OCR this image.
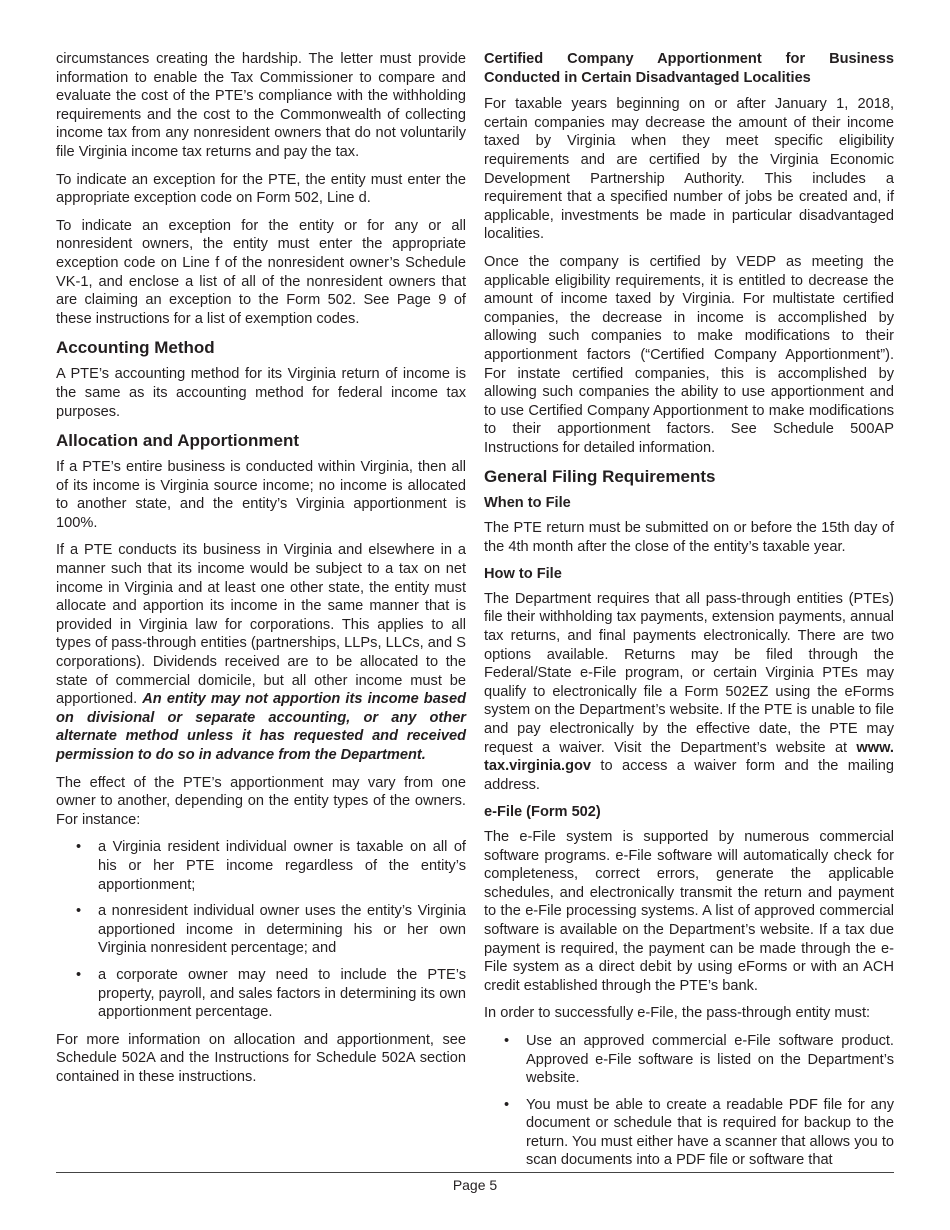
circumstances creating the hardship. The letter must provide information to enable the Tax Commissioner to compare and evaluate the cost of the PTE’s compliance with the withholding requirements and the cost to the Commonwealth of collecting income tax from any nonresident owners that do not voluntarily file Virginia income tax returns and pay the tax.

To indicate an exception for the PTE, the entity must enter the appropriate exception code on Form 502, Line d.

To indicate an exception for the entity or for any or all nonresident owners, the entity must enter the appropriate exception code on Line f of the nonresident owner’s Schedule VK-1, and enclose a list of all of the nonresident owners that are claiming an exception to the Form 502. See Page 9 of these instructions for a list of exemption codes.

Accounting Method

A PTE’s accounting method for its Virginia return of income is the same as its accounting method for federal income tax purposes.

Allocation and Apportionment

If a PTE’s entire business is conducted within Virginia, then all of its income is Virginia source income; no income is allocated to another state, and the entity’s Virginia apportionment is 100%.

If a PTE conducts its business in Virginia and elsewhere in a manner such that its income would be subject to a tax on net income in Virginia and at least one other state, the entity must allocate and apportion its income in the same manner that is provided in Virginia law for corporations. This applies to all types of pass-through entities (partnerships, LLPs, LLCs, and S corporations). Dividends received are to be allocated to the state of commercial domicile, but all other income must be apportioned. An entity may not apportion its income based on divisional or separate accounting, or any other alternate method unless it has requested and received permission to do so in advance from the Department.

The effect of the PTE’s apportionment may vary from one owner to another, depending on the entity types of the owners. For instance:

• a Virginia resident individual owner is taxable on all of his or her PTE income regardless of the entity’s apportionment;
• a nonresident individual owner uses the entity’s Virginia apportioned income in determining his or her own Virginia nonresident percentage; and
• a corporate owner may need to include the PTE’s property, payroll, and sales factors in determining its own apportionment percentage.

For more information on allocation and apportionment, see Schedule 502A and the Instructions for Schedule 502A section contained in these instructions.

Certified Company Apportionment for Business Conducted in Certain Disadvantaged Localities

For taxable years beginning on or after January 1, 2018, certain companies may decrease the amount of their income taxed by Virginia when they meet specific eligibility requirements and are certified by the Virginia Economic Development Partnership Authority. This includes a requirement that a specified number of jobs be created and, if applicable, investments be made in particular disadvantaged localities.

Once the company is certified by VEDP as meeting the applicable eligibility requirements, it is entitled to decrease the amount of income taxed by Virginia. For multistate certified companies, the decrease in income is accomplished by allowing such companies to make modifications to their apportionment factors (“Certified Company Apportionment”). For instate certified companies, this is accomplished by allowing such companies the ability to use apportionment and to use Certified Company Apportionment to make modifications to their apportionment factors. See Schedule 500AP Instructions for detailed information.

General Filing Requirements
When to File

The PTE return must be submitted on or before the 15th day of the 4th month after the close of the entity’s taxable year.

How to File

The Department requires that all pass-through entities (PTEs) file their withholding tax payments, extension payments, annual tax returns, and final payments electronically. There are two options available. Returns may be filed through the Federal/State e-File program, or certain Virginia PTEs may qualify to electronically file a Form 502EZ using the eForms system on the Department’s website. If the PTE is unable to file and pay electronically by the effective date, the PTE may request a waiver. Visit the Department’s website at www. tax.virginia.gov to access a waiver form and the mailing address.

e-File (Form 502)

The e-File system is supported by numerous commercial software programs. e-File software will automatically check for completeness, correct errors, generate the applicable schedules, and electronically transmit the return and payment to the e-File processing systems. A list of approved commercial software is available on the Department’s website. If a tax due payment is required, the payment can be made through the e-File system as a direct debit by using eForms or with an ACH credit established through the PTE’s bank.

In order to successfully e-File, the pass-through entity must:

• Use an approved commercial e-File software product. Approved e-File software is listed on the Department’s website.
• You must be able to create a readable PDF file for any document or schedule that is required for backup to the return. You must either have a scanner that allows you to scan documents into a PDF file or software that
Page 5
